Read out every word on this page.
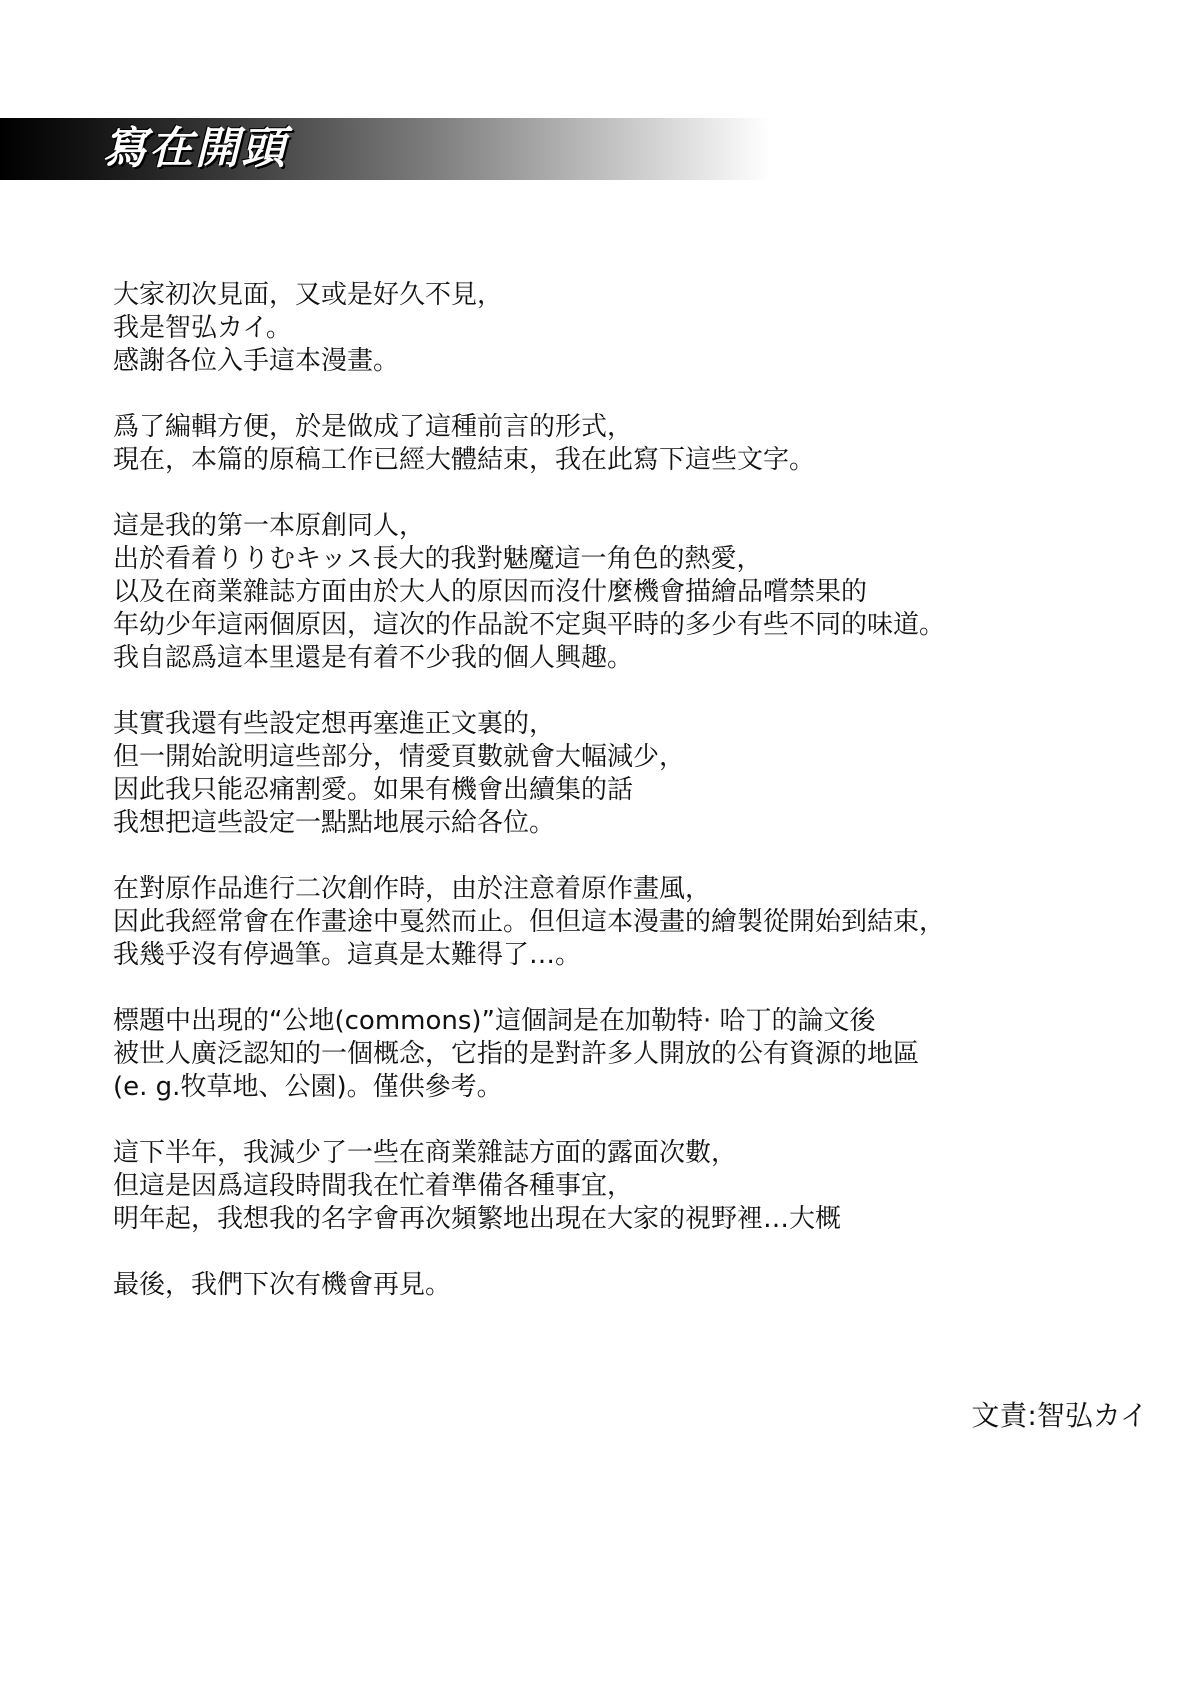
寫在開頭
大家初次見面，又或是好久不見，
我是智弘カイ。
感謝各位入手這本漫畫。
爲了編輯方便，於是做成了這種前言的形式，
現在，本篇的原稿工作已經大體結束，我在此寫下這些文字。
這是我的第一本原創同人，
出於看着りりむキッス長大的我對魅魔這一角色的熱愛，
以及在商業雜誌方面由於大人的原因而沒什麼機會描繪品嚐禁果的
年幼少年這兩個原因，這次的作品說不定與平時的多少有些不同的味道。
我自認爲這本里還是有着不少我的個人興趣。
其實我還有些設定想再塞進正文裏的，
但一開始說明這些部分，情愛頁數就會大幅減少，
因此我只能忍痛割愛。如果有機會出續集的話
我想把這些設定一點點地展示給各位。
在對原作品進行二次創作時，由於注意着原作畫風，
因此我經常會在作畫途中戛然而止。但但這本漫畫的繪製從開始到結束，
我幾乎沒有停過筆。這真是太難得了…。
標題中出現的“公地(commons)”這個詞是在加勒特· 哈丁的論文後
被世人廣泛認知的一個概念，它指的是對許多人開放的公有資源的地區
(e. g.牧草地、公園)。僅供參考。
這下半年，我減少了一些在商業雜誌方面的露面次數，
但這是因爲這段時間我在忙着準備各種事宜，
明年起，我想我的名字會再次頻繁地出現在大家的視野裡…大概
最後，我們下次有機會再見。
文責:智弘カイ
